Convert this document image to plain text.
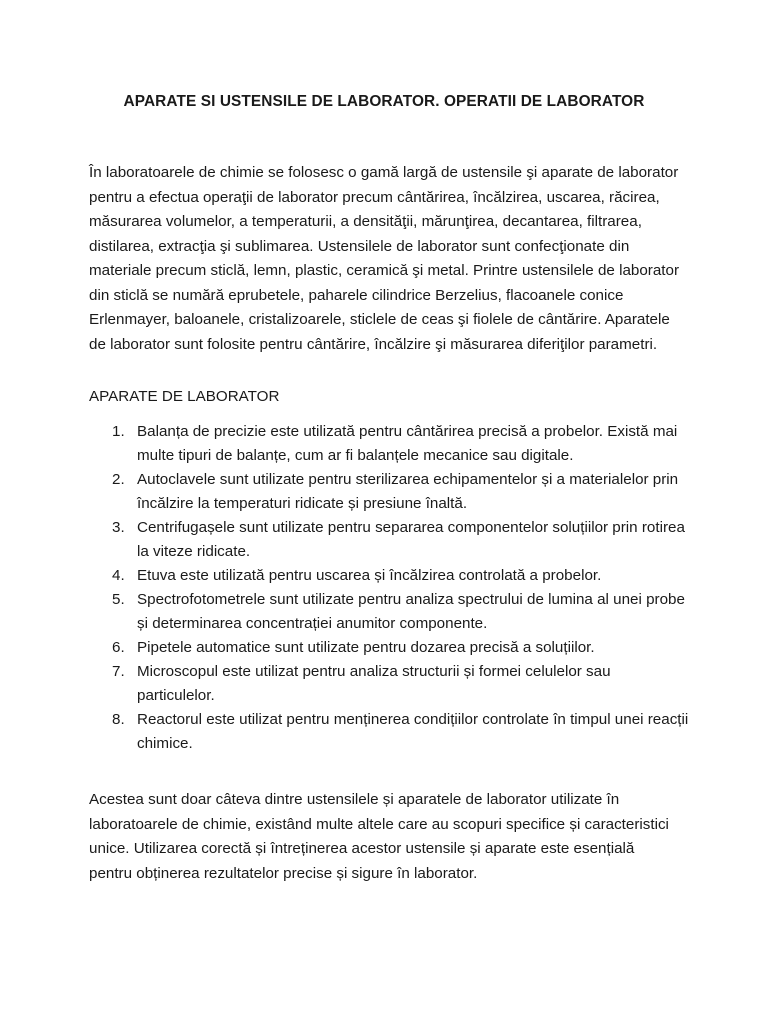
APARATE SI USTENSILE DE LABORATOR. OPERATII DE LABORATOR

În laboratoarele de chimie se folosesc o gamă largă de ustensile şi aparate de laborator pentru a efectua operaţii de laborator precum cântărirea, încălzirea, uscarea, răcirea, măsurarea volumelor, a temperaturii, a densităţii, mărunţirea, decantarea, filtrarea, distilarea, extracţia şi sublimarea. Ustensilele de laborator sunt confecţionate din materiale precum sticlă, lemn, plastic, ceramică şi metal. Printre ustensilele de laborator din sticlă se numără eprubetele, paharele cilindrice Berzelius, flacoanele conice Erlenmayer, baloanele, cristalizoarele, sticlele de ceas şi fiolele de cântărire. Aparatele de laborator sunt folosite pentru cântărire, încălzire şi măsurarea diferiţilor parametri.

APARATE DE LABORATOR
1. Balanța de precizie este utilizată pentru cântărirea precisă a probelor. Există mai multe tipuri de balanțe, cum ar fi balanțele mecanice sau digitale.
2. Autoclavele sunt utilizate pentru sterilizarea echipamentelor și a materialelor prin încălzire la temperaturi ridicate și presiune înaltă.
3. Centrifugașele sunt utilizate pentru separarea componentelor soluțiilor prin rotirea la viteze ridicate.
4. Etuva este utilizată pentru uscarea și încălzirea controlată a probelor.
5. Spectrofotometrele sunt utilizate pentru analiza spectrului de lumina al unei probe și determinarea concentrației anumitor componente.
6. Pipetele automatice sunt utilizate pentru dozarea precisă a soluțiilor.
7. Microscopul este utilizat pentru analiza structurii și formei celulelor sau particulelor.
8. Reactorul este utilizat pentru menținerea condițiilor controlate în timpul unei reacții chimice.

Acestea sunt doar câteva dintre ustensilele și aparatele de laborator utilizate în laboratoarele de chimie, existând multe altele care au scopuri specifice și caracteristici unice. Utilizarea corectă și întreținerea acestor ustensile și aparate este esențială pentru obținerea rezultatelor precise și sigure în laborator.
